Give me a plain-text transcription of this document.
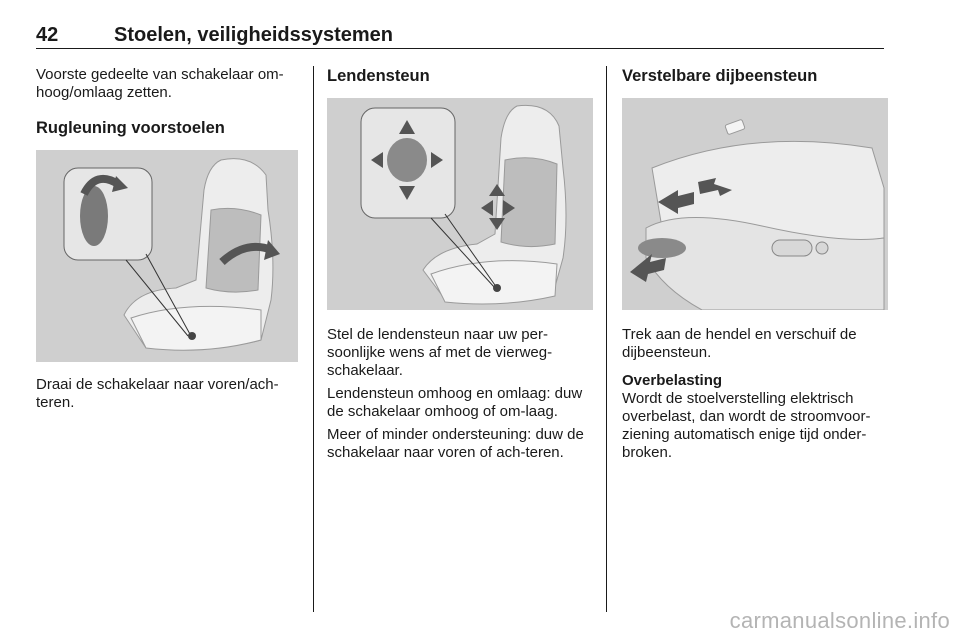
42	Stoelen, veiligheidssystemen

Voorste gedeelte van schakelaar om-hoog/omlaag zetten.

Rugleuning voorstoelen

Draai de schakelaar naar voren/ach-teren.

Lendensteun

Stel de lendensteun naar uw per-soonlijke wens af met de vierweg-schakelaar.

Lendensteun omhoog en omlaag: duw de schakelaar omhoog of om-laag.

Meer of minder ondersteuning: duw de schakelaar naar voren of ach-teren.

Verstelbare dijbeensteun

Trek aan de hendel en verschuif de dijbeensteun.

Overbelasting

Wordt de stoelverstelling elektrisch overbelast, dan wordt de stroomvoor-ziening automatisch enige tijd onder-broken.

carmanualsonline.info
